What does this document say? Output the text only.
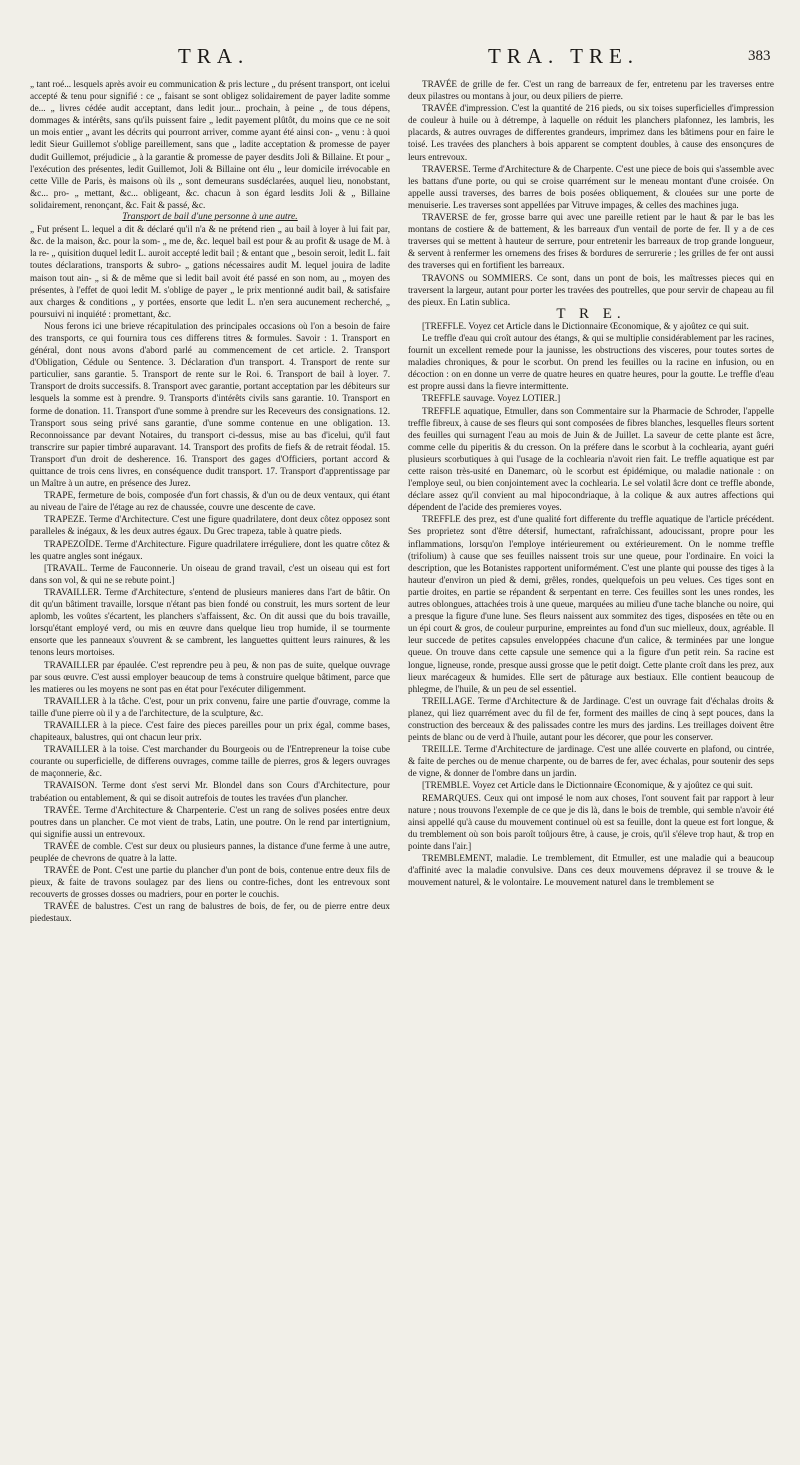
TRA.	TRA. TRE.	383

„ tant roé... lesquels après avoir eu communication & pris lecture „ du présent transport, ont icelui accepté & tenu pour signifié : ce „ faisant se sont obligez solidairement de payer ladite somme de... „ livres cédée audit acceptant, dans ledit jour... prochain, à peine „ de tous dépens, dommages & intérêts, sans qu'ils puissent faire „ ledit payement plûtôt, du moins que ce ne soit un mois entier „ avant les décrits qui pourront arriver, comme ayant été ainsi con- „ venu : à quoi ledit Sieur Guillemot s'oblige pareillement, sans que „ ladite acceptation & promesse de payer dudit Guillemot, préjudicie „ à la garantie & promesse de payer desdits Joli & Billaine. Et pour „ l'exécution des présentes, ledit Guillemot, Joli & Billaine ont élu „ leur domicile irrévocable en cette Ville de Paris, ès maisons où ils „ sont demeurans susdéclarées, auquel lieu, nonobstant, &c... pro- „ mettant, &c... obligeant, &c. chacun à son égard lesdits Joli & „ Billaine solidairement, renonçant, &c. Fait & passé, &c.

Transport de bail d'une personne à une autre.

„ Fut présent L. lequel a dit & déclaré qu'il n'a & ne prétend rien „ au bail à loyer à lui fait par, &c. de la maison, &c. pour la som- „ me de, &c. lequel bail est pour & au profit & usage de M. à la re- „ quisition duquel ledit L. auroit accepté ledit bail ; & entant que „ besoin seroit, ledit L. fait toutes déclarations, transports & subro- „ gations nécessaires audit M. lequel jouira de ladite maison tout ain- „ si & de même que si ledit bail avoit été passé en son nom, au „ moyen des présentes, à l'effet de quoi ledit M. s'oblige de payer „ le prix mentionné audit bail, & satisfaire aux charges & conditions „ y portées, ensorte que ledit L. n'en sera aucunement recherché, „ poursuivi ni inquiété : promettant, &c.

Nous ferons ici une brieve récapitulation des principales occasions où l'on a besoin de faire des transports, ce qui fournira tous ces differens titres & formules. Savoir : 1. Transport en général, dont nous avons d'abord parlé au commencement de cet article. 2. Transport d'Obligation, Cédule ou Sentence. 3. Déclaration d'un transport. 4. Transport de rente sur particulier, sans garantie. 5. Transport de rente sur le Roi. 6. Transport de bail à loyer. 7. Transport de droits successifs. 8. Transport avec garantie, portant acceptation par les débiteurs sur lesquels la somme est à prendre. 9. Transports d'intérêts civils sans garantie. 10. Transport en forme de donation. 11. Transport d'une somme à prendre sur les Receveurs des consignations. 12. Transport sous seing privé sans garantie, d'une somme contenue en une obligation. 13. Reconnoissance par devant Notaires, du transport ci-dessus, mise au bas d'icelui, qu'il faut transcrire sur papier timbré auparavant. 14. Transport des profits de fiefs & de retrait féodal. 15. Transport d'un droit de desherence. 16. Transport des gages d'Officiers, portant accord & quittance de trois cens livres, en conséquence dudit transport. 17. Transport d'apprentissage par un Maître à un autre, en présence des Jurez.

TRAPE, fermeture de bois, composée d'un fort chassis, & d'un ou de deux ventaux, qui étant au niveau de l'aire de l'étage au rez de chaussée, couvre une descente de cave.

TRAPEZE. Terme d'Architecture. C'est une figure quadrilatere, dont deux côtez opposez sont paralleles & inégaux, & les deux autres égaux. Du Grec trapeza, table à quatre pieds.

TRAPEZOÏDE. Terme d'Architecture. Figure quadrilatere irréguliere, dont les quatre côtez & les quatre angles sont inégaux.

[TRAVAIL. Terme de Fauconnerie. Un oiseau de grand travail, c'est un oiseau qui est fort dans son vol, & qui ne se rebute point.]

TRAVAILLER. Terme d'Architecture, s'entend de plusieurs manieres dans l'art de bâtir. On dit qu'un bâtiment travaille, lorsque n'étant pas bien fondé ou construit, les murs sortent de leur aplomb, les voûtes s'écartent, les planchers s'affaissent, &c. On dit aussi que du bois travaille, lorsqu'étant employé verd, ou mis en œuvre dans quelque lieu trop humide, il se tourmente ensorte que les panneaux s'ouvrent & se cambrent, les languettes quittent leurs rainures, & les tenons leurs mortoises.

TRAVAILLER par épaulée. C'est reprendre peu à peu, & non pas de suite, quelque ouvrage par sous œuvre. C'est aussi employer beaucoup de tems à construire quelque bâtiment, parce que les matieres ou les moyens ne sont pas en état pour l'exécuter diligemment.

TRAVAILLER à la tâche. C'est, pour un prix convenu, faire une partie d'ouvrage, comme la taille d'une pierre où il y a de l'architecture, de la sculpture, &c.

TRAVAILLER à la piece. C'est faire des pieces pareilles pour un prix égal, comme bases, chapiteaux, balustres, qui ont chacun leur prix.

TRAVAILLER à la toise. C'est marchander du Bourgeois ou de l'Entrepreneur la toise cube courante ou superficielle, de differens ouvrages, comme taille de pierres, gros & legers ouvrages de maçonnerie, &c.

TRAVAISON. Terme dont s'est servi Mr. Blondel dans son Cours d'Architecture, pour trabéation ou entablement, & qui se disoit autrefois de toutes les travées d'un plancher.

TRAVÉE. Terme d'Architecture & Charpenterie. C'est un rang de solives posées entre deux poutres dans un plancher. Ce mot vient de trabs, Latin, une poutre. On le rend par intertignium, qui signifie aussi un entrevoux.

TRAVÉE de comble. C'est sur deux ou plusieurs pannes, la distance d'une ferme à une autre, peuplée de chevrons de quatre à la latte.

TRAVÉE de Pont. C'est une partie du plancher d'un pont de bois, contenue entre deux fils de pieux, & faite de travons soulagez par des liens ou contre-fiches, dont les entrevoux sont recouverts de grosses dosses ou madriers, pour en porter le couchis.

TRAVÉE de balustres. C'est un rang de balustres de bois, de fer, ou de pierre entre deux piedestaux.

TRAVÉE de grille de fer. C'est un rang de barreaux de fer, entretenu par les traverses entre deux pilastres ou montans à jour, ou deux piliers de pierre.

TRAVÉE d'impression. C'est la quantité de 216 pieds, ou six toises superficielles d'impression de couleur à huile ou à détrempe, à laquelle on réduit les planchers plafonnez, les lambris, les placards, & autres ouvrages de differentes grandeurs, imprimez dans les bâtimens pour en faire le toisé. Les travées des planchers à bois apparent se comptent doubles, à cause des ensonçures de leurs entrevoux.

TRAVERSE. Terme d'Architecture & de Charpente. C'est une piece de bois qui s'assemble avec les battans d'une porte, ou qui se croise quarrément sur le meneau montant d'une croisée. On appelle aussi traverses, des barres de bois posées obliquement, & clouées sur une porte de menuiserie. Les traverses sont appellées par Vitruve impages, & celles des machines juga.

TRAVERSE de fer, grosse barre qui avec une pareille retient par le haut & par le bas les montans de costiere & de battement, & les barreaux d'un ventail de porte de fer. Il y a de ces traverses qui se mettent à hauteur de serrure, pour entretenir les barreaux de trop grande longueur, & servent à renfermer les ornemens des frises & bordures de serrurerie ; les grilles de fer ont aussi des traverses qui en fortifient les barreaux.

TRAVONS ou SOMMIERS. Ce sont, dans un pont de bois, les maîtresses pieces qui en traversent la largeur, autant pour porter les travées des poutrelles, que pour servir de chapeau au fil des pieux. En Latin sublica.

T R E.

[TREFFLE. Voyez cet Article dans le Dictionnaire Œconomique, & y ajoûtez ce qui suit.

Le treffle d'eau qui croît autour des étangs, & qui se multiplie considérablement par les racines, fournit un excellent remede pour la jaunisse, les obstructions des visceres, pour toutes sortes de maladies chroniques, & pour le scorbut. On prend les feuilles ou la racine en infusion, ou en décoction : on en donne un verre de quatre heures en quatre heures, pour la goutte. Le treffle d'eau est propre aussi dans la fievre intermittente.

TREFFLE sauvage. Voyez LOTIER.]

TREFFLE aquatique, Etmuller, dans son Commentaire sur la Pharmacie de Schroder, l'appelle treffle fibreux, à cause de ses fleurs qui sont composées de fibres blanches, lesquelles fleurs sortent des feuilles qui surnagent l'eau au mois de Juin & de Juillet. La saveur de cette plante est âcre, comme celle du piperitis & du cresson. On la préfere dans le scorbut à la cochlearia, ayant guéri plusieurs scorbutiques à qui l'usage de la cochlearia n'avoit rien fait. Le treffle aquatique est par cette raison très-usité en Danemarc, où le scorbut est épidémique, ou maladie nationale : on l'employe seul, ou bien conjointement avec la cochlearia. Le sel volatil âcre dont ce treffle abonde, déclare assez qu'il convient au mal hipocondriaque, à la colique & aux autres affections qui dépendent de l'acide des premieres voyes.

TREFFLE des prez, est d'une qualité fort differente du treffle aquatique de l'article précédent. Ses proprietez sont d'être détersif, humectant, rafraîchissant, adoucissant, propre pour les inflammations, lorsqu'on l'employe intérieurement ou extérieurement. On le nomme treffle (trifolium) à cause que ses feuilles naissent trois sur une queue, pour l'ordinaire. En voici la description, que les Botanistes rapportent uniformément. C'est une plante qui pousse des tiges à la hauteur d'environ un pied & demi, grêles, rondes, quelquefois un peu velues. Ces tiges sont en partie droites, en partie se répandent & serpentant en terre. Ces feuilles sont les unes rondes, les autres oblongues, attachées trois à une queue, marquées au milieu d'une tache blanche ou noire, qui a presque la figure d'une lune. Ses fleurs naissent aux sommitez des tiges, disposées en tête ou en un épi court & gros, de couleur purpurine, empreintes au fond d'un suc mielleux, doux, agréable. Il leur succede de petites capsules enveloppées chacune d'un calice, & terminées par une longue queue. On trouve dans cette capsule une semence qui a la figure d'un petit rein. Sa racine est longue, ligneuse, ronde, presque aussi grosse que le petit doigt. Cette plante croît dans les prez, aux lieux marécageux & humides. Elle sert de pâturage aux bestiaux. Elle contient beaucoup de phlegme, de l'huile, & un peu de sel essentiel.

TREILLAGE. Terme d'Architecture & de Jardinage. C'est un ouvrage fait d'échalas droits & planez, qui liez quarrément avec du fil de fer, forment des mailles de cinq à sept pouces, dans la construction des berceaux & des palissades contre les murs des jardins. Les treillages doivent être peints de blanc ou de verd à l'huile, autant pour les décorer, que pour les conserver.

TREILLE. Terme d'Architecture de jardinage. C'est une allée couverte en plafond, ou cintrée, & faite de perches ou de menue charpente, ou de barres de fer, avec échalas, pour soutenir des seps de vigne, & donner de l'ombre dans un jardin.

[TREMBLE. Voyez cet Article dans le Dictionnaire Œconomique, & y ajoûtez ce qui suit.

REMARQUES. Ceux qui ont imposé le nom aux choses, l'ont souvent fait par rapport à leur nature ; nous trouvons l'exemple de ce que je dis là, dans le bois de tremble, qui semble n'avoir été ainsi appellé qu'à cause du mouvement continuel où est sa feuille, dont la queue est fort longue, & du tremblement où son bois paroît toûjours être, à cause, je crois, qu'il s'éleve trop haut, & trop en pointe dans l'air.]

TREMBLEMENT, maladie. Le tremblement, dit Etmuller, est une maladie qui a beaucoup d'affinité avec la maladie convulsive. Dans ces deux mouvemens dépravez il se trouve & le mouvement naturel, & le volontaire. Le mouvement naturel dans le tremblement se
